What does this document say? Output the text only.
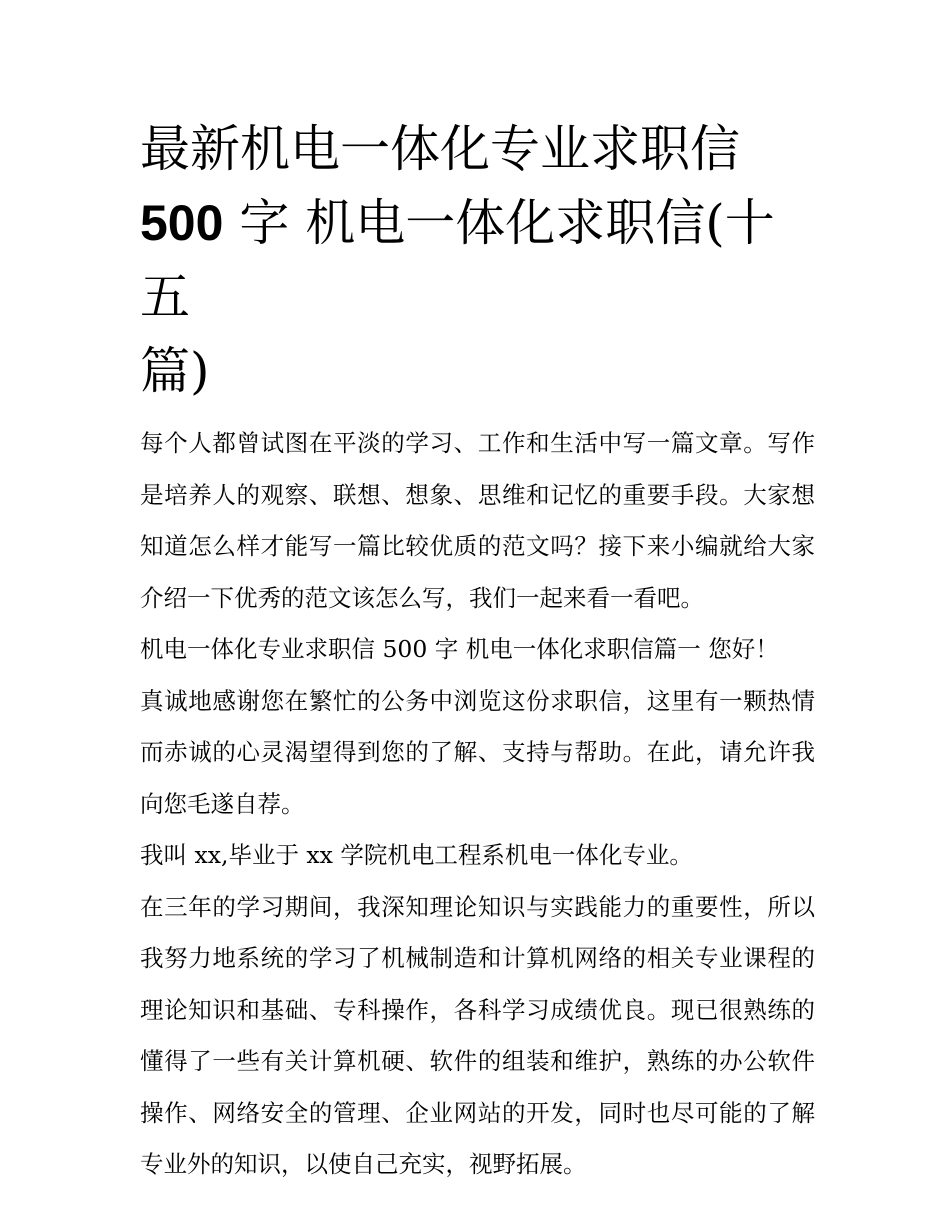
最新机电一体化专业求职信
500 字 机电一体化求职信(十五
篇)

每个人都曾试图在平淡的学习、工作和生活中写一篇文章。写作是培养人的观察、联想、想象、思维和记忆的重要手段。大家想知道怎么样才能写一篇比较优质的范文吗？接下来小编就给大家介绍一下优秀的范文该怎么写，我们一起来看一看吧。

机电一体化专业求职信 500 字 机电一体化求职信篇一 您好！

真诚地感谢您在繁忙的公务中浏览这份求职信，这里有一颗热情而赤诚的心灵渴望得到您的了解、支持与帮助。在此，请允许我向您毛遂自荐。

我叫 xx,毕业于 xx 学院机电工程系机电一体化专业。

在三年的学习期间，我深知理论知识与实践能力的重要性，所以我努力地系统的学习了机械制造和计算机网络的相关专业课程的理论知识和基础、专科操作，各科学习成绩优良。现已很熟练的懂得了一些有关计算机硬、软件的组装和维护，熟练的办公软件操作、网络安全的管理、企业网站的开发，同时也尽可能的了解专业外的知识，以使自己充实，视野拓展。
